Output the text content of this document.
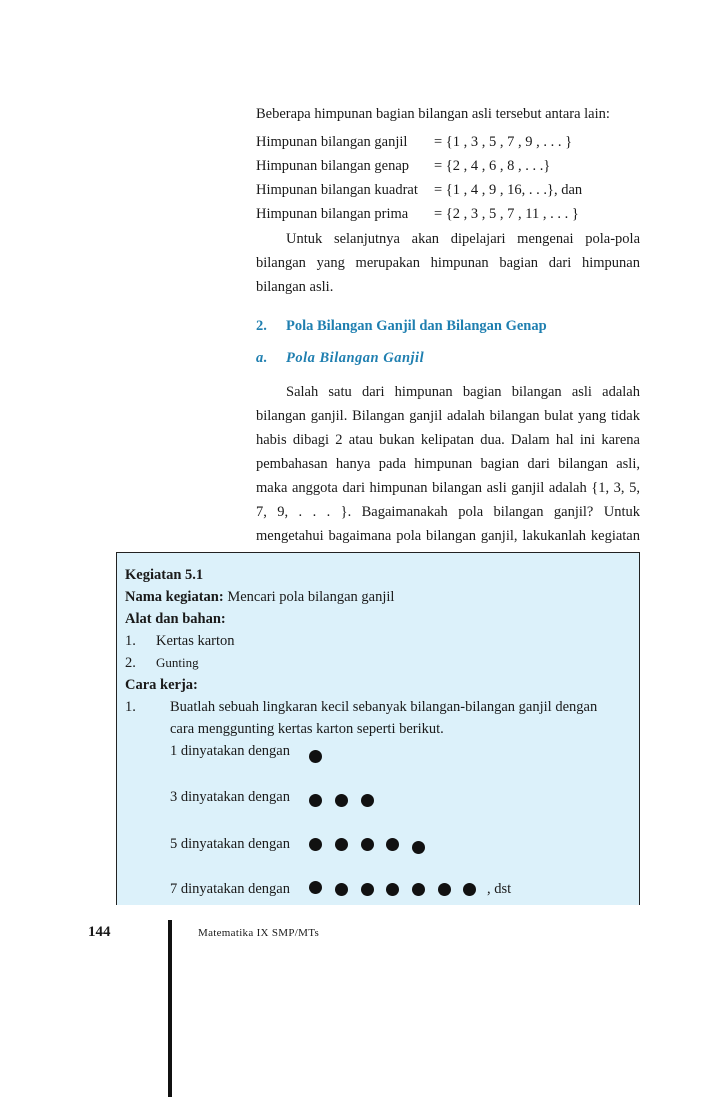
Beberapa himpunan bagian bilangan asli tersebut antara lain:
Himpunan bilangan ganjil = {1 , 3 , 5 , 7 , 9 , . . . }
Himpunan bilangan genap = {2 , 4 , 6 , 8 , . . .}
Himpunan bilangan kuadrat = {1 , 4 , 9 , 16, . . .}, dan
Himpunan bilangan prima = {2 , 3 , 5 , 7 , 11 , . . . }
Untuk selanjutnya akan dipelajari mengenai pola-pola bilangan yang merupakan himpunan bagian dari himpunan bilangan asli.
2. Pola Bilangan Ganjil dan Bilangan Genap
a. Pola Bilangan Ganjil
Salah satu dari himpunan bagian bilangan asli adalah bilangan ganjil. Bilangan ganjil adalah bilangan bulat yang tidak habis dibagi 2 atau bukan kelipatan dua. Dalam hal ini karena pembahasan hanya pada himpunan bagian dari bilangan asli, maka anggota dari himpunan bilangan asli ganjil adalah {1, 3, 5, 7, 9, . . . }. Bagaimanakah pola bilangan ganjil? Untuk mengetahui bagaimana pola bilangan ganjil, lakukanlah kegiatan
Kegiatan 5.1
Nama kegiatan: Mencari pola bilangan ganjil
Alat dan bahan:
1. Kertas karton
2. Gunting
Cara kerja:
1. Buatlah sebuah lingkaran kecil sebanyak bilangan-bilangan ganjil dengan
cara menggunting kertas karton seperti berikut.
1 dinyatakan dengan
3 dinyatakan dengan
5 dinyatakan dengan
7 dinyatakan dengan	, dst
144	Matematika IX SMP/MTs
